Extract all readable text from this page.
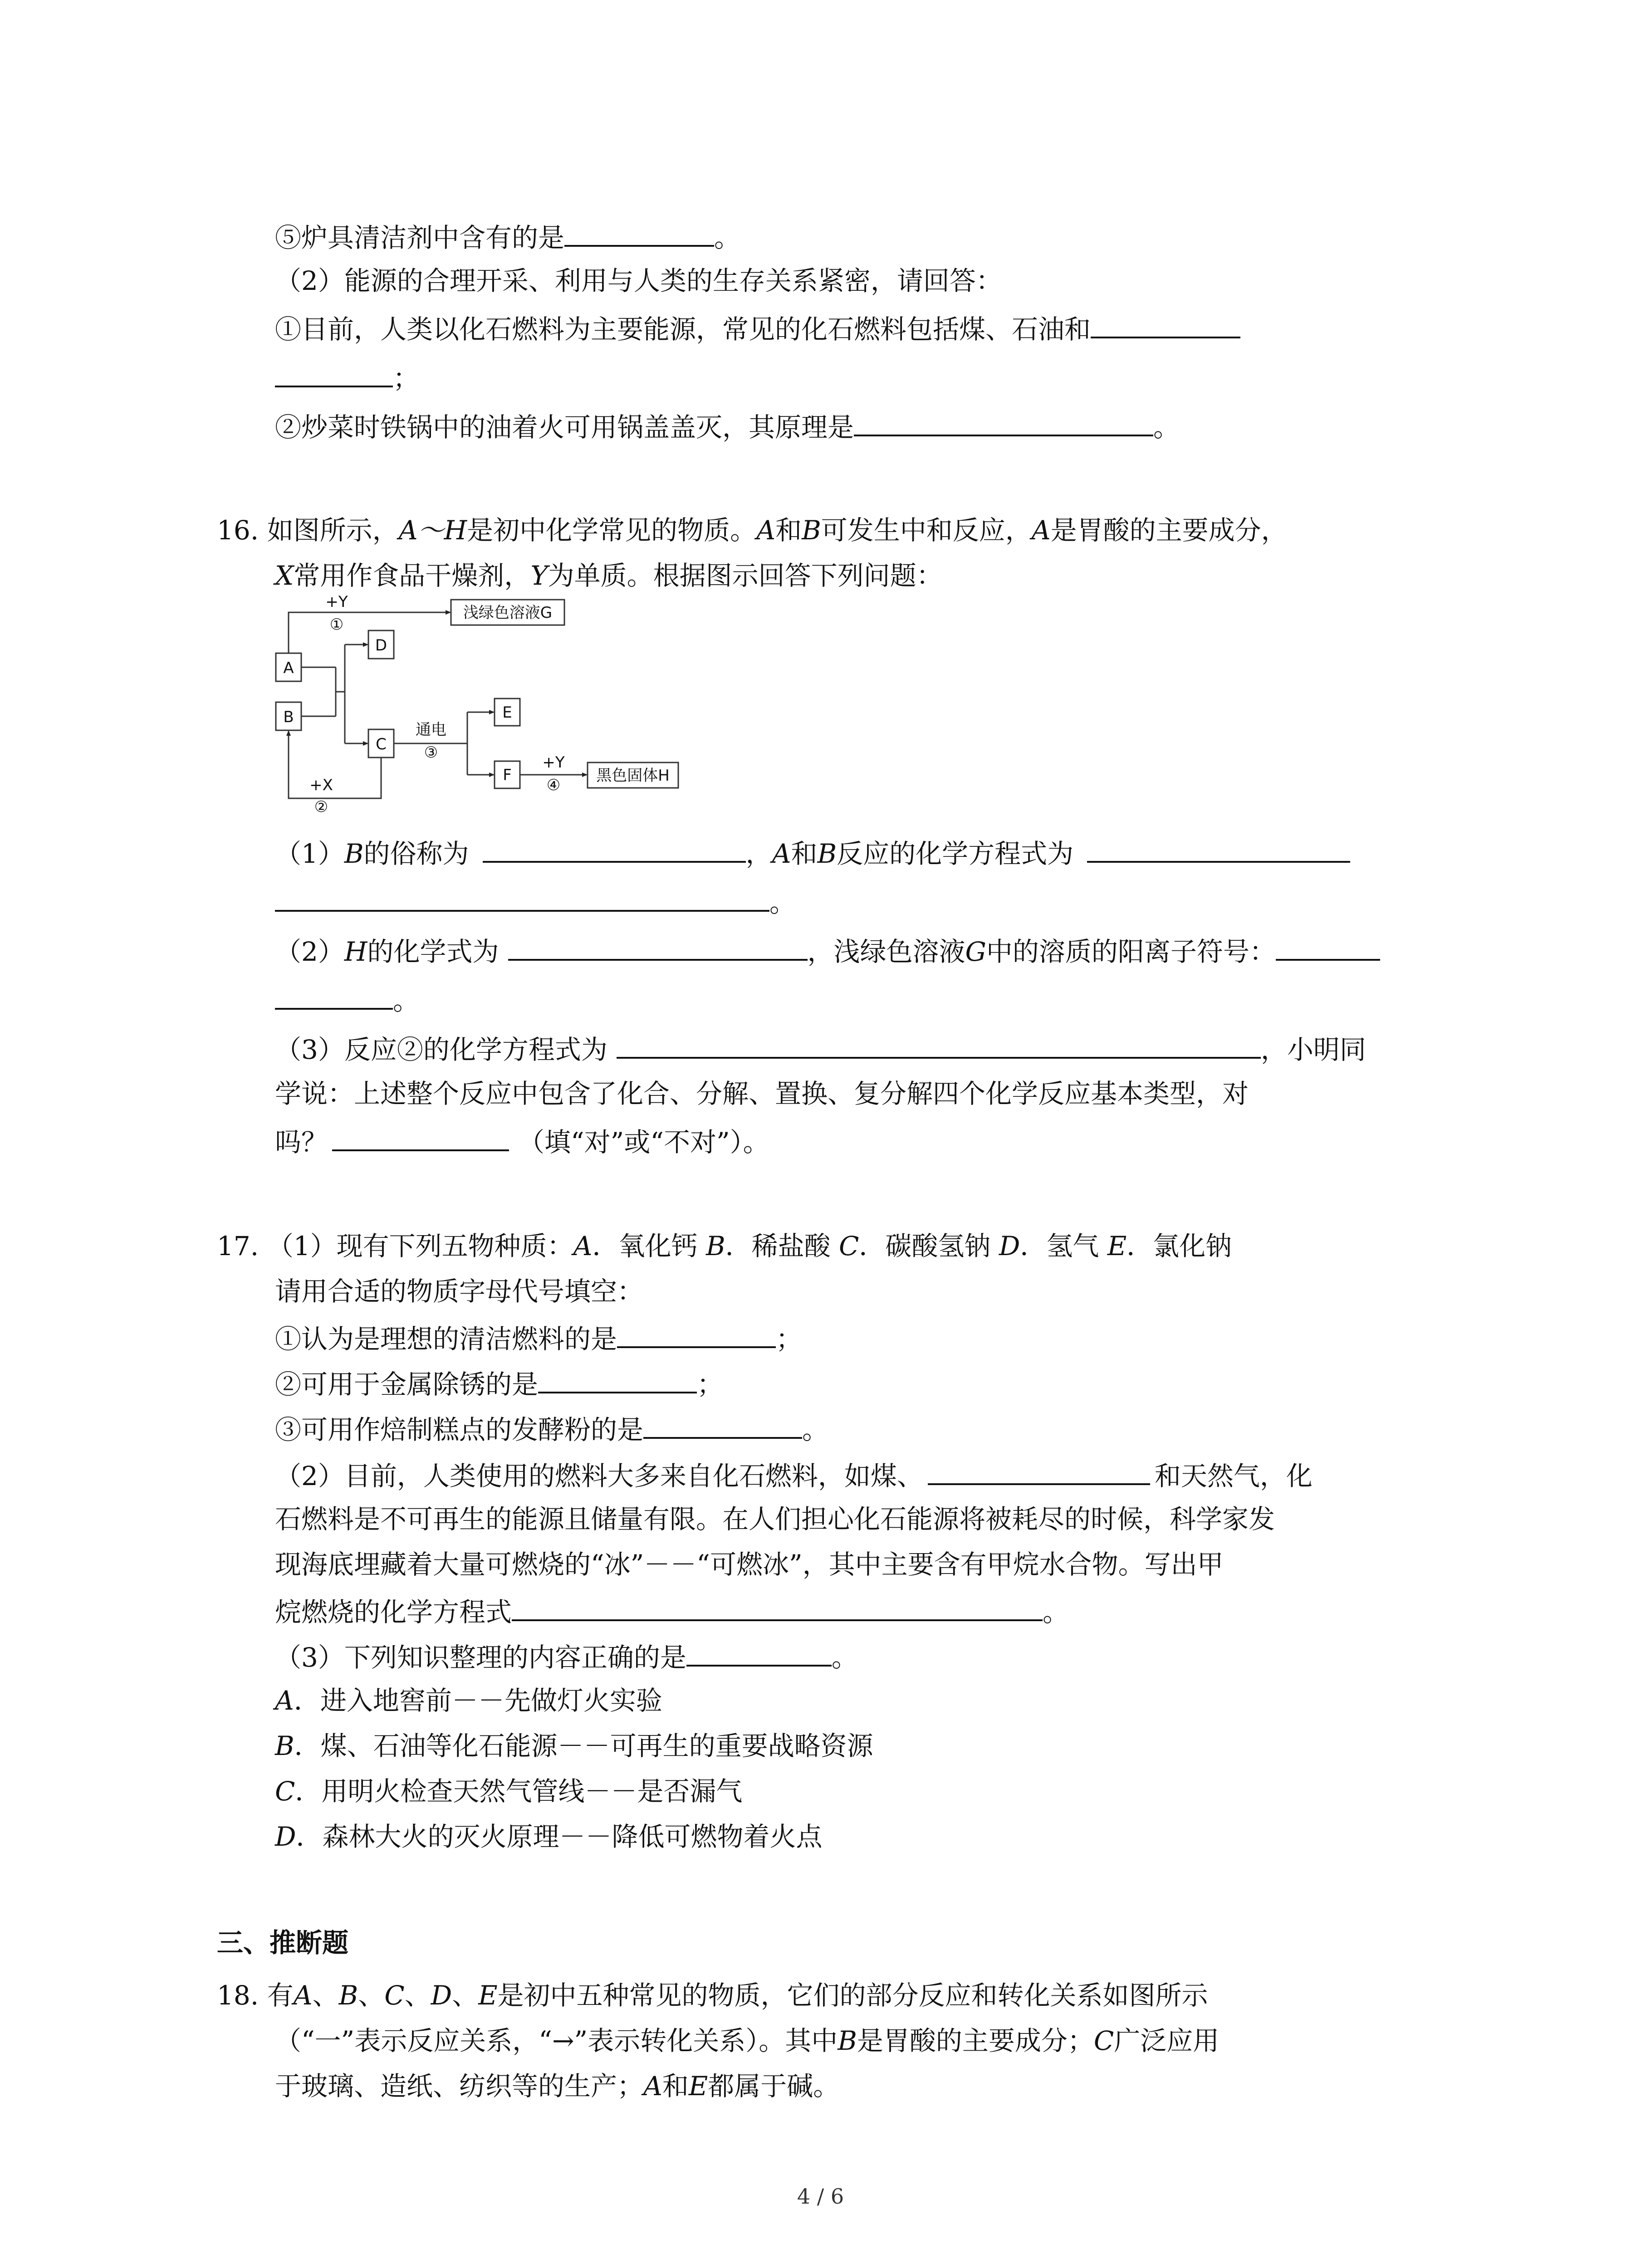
⑤炉具清洁剂中含有的是	。
（2）能源的合理开采、利用与人类的生存关系紧密，请回答：
①目前，人类以化石燃料为主要能源，常见的化石燃料包括煤、石油和
；
②炒菜时铁锅中的油着火可用锅盖盖灭，其原理是	。
16. 如图所示，A～H是初中化学常见的物质。A和B可发生中和反应，A是胃酸的主要成分，
X常用作食品干燥剂，Y为单质。根据图示回答下列问题：
A
B
D
C
E
F
浅绿色溶液G
黑色固体H
+Y
①
通电
③
+Y
④
+X
②
（1）B的俗称为	，A和B反应的化学方程式为
。
（2）H的化学式为	，浅绿色溶液G中的溶质的阳离子符号：
。
（3）反应②的化学方程式为	，小明同
学说：上述整个反应中包含了化合、分解、置换、复分解四个化学反应基本类型，对
吗？	（填“对”或“不对”）。
17. （1）现有下列五物种质：A．氧化钙 B．稀盐酸 C．碳酸氢钠 D．氢气 E．氯化钠
请用合适的物质字母代号填空：
①认为是理想的清洁燃料的是	；
②可用于金属除锈的是	；
③可用作焙制糕点的发酵粉的是	。
（2）目前，人类使用的燃料大多来自化石燃料，如煤、	和天然气，化
石燃料是不可再生的能源且储量有限。在人们担心化石能源将被耗尽的时候，科学家发
现海底埋藏着大量可燃烧的“冰”－－“可燃冰”，其中主要含有甲烷水合物。写出甲
烷燃烧的化学方程式	。
（3）下列知识整理的内容正确的是	。
A．进入地窖前－－先做灯火实验
B．煤、石油等化石能源－－可再生的重要战略资源
C．用明火检查天然气管线－－是否漏气
D．森林大火的灭火原理－－降低可燃物着火点
三、推断题
18. 有A、B、C、D、E是初中五种常见的物质，它们的部分反应和转化关系如图所示
（“一”表示反应关系，“→”表示转化关系）。其中B是胃酸的主要成分；C广泛应用
于玻璃、造纸、纺织等的生产；A和E都属于碱。
4 / 6
